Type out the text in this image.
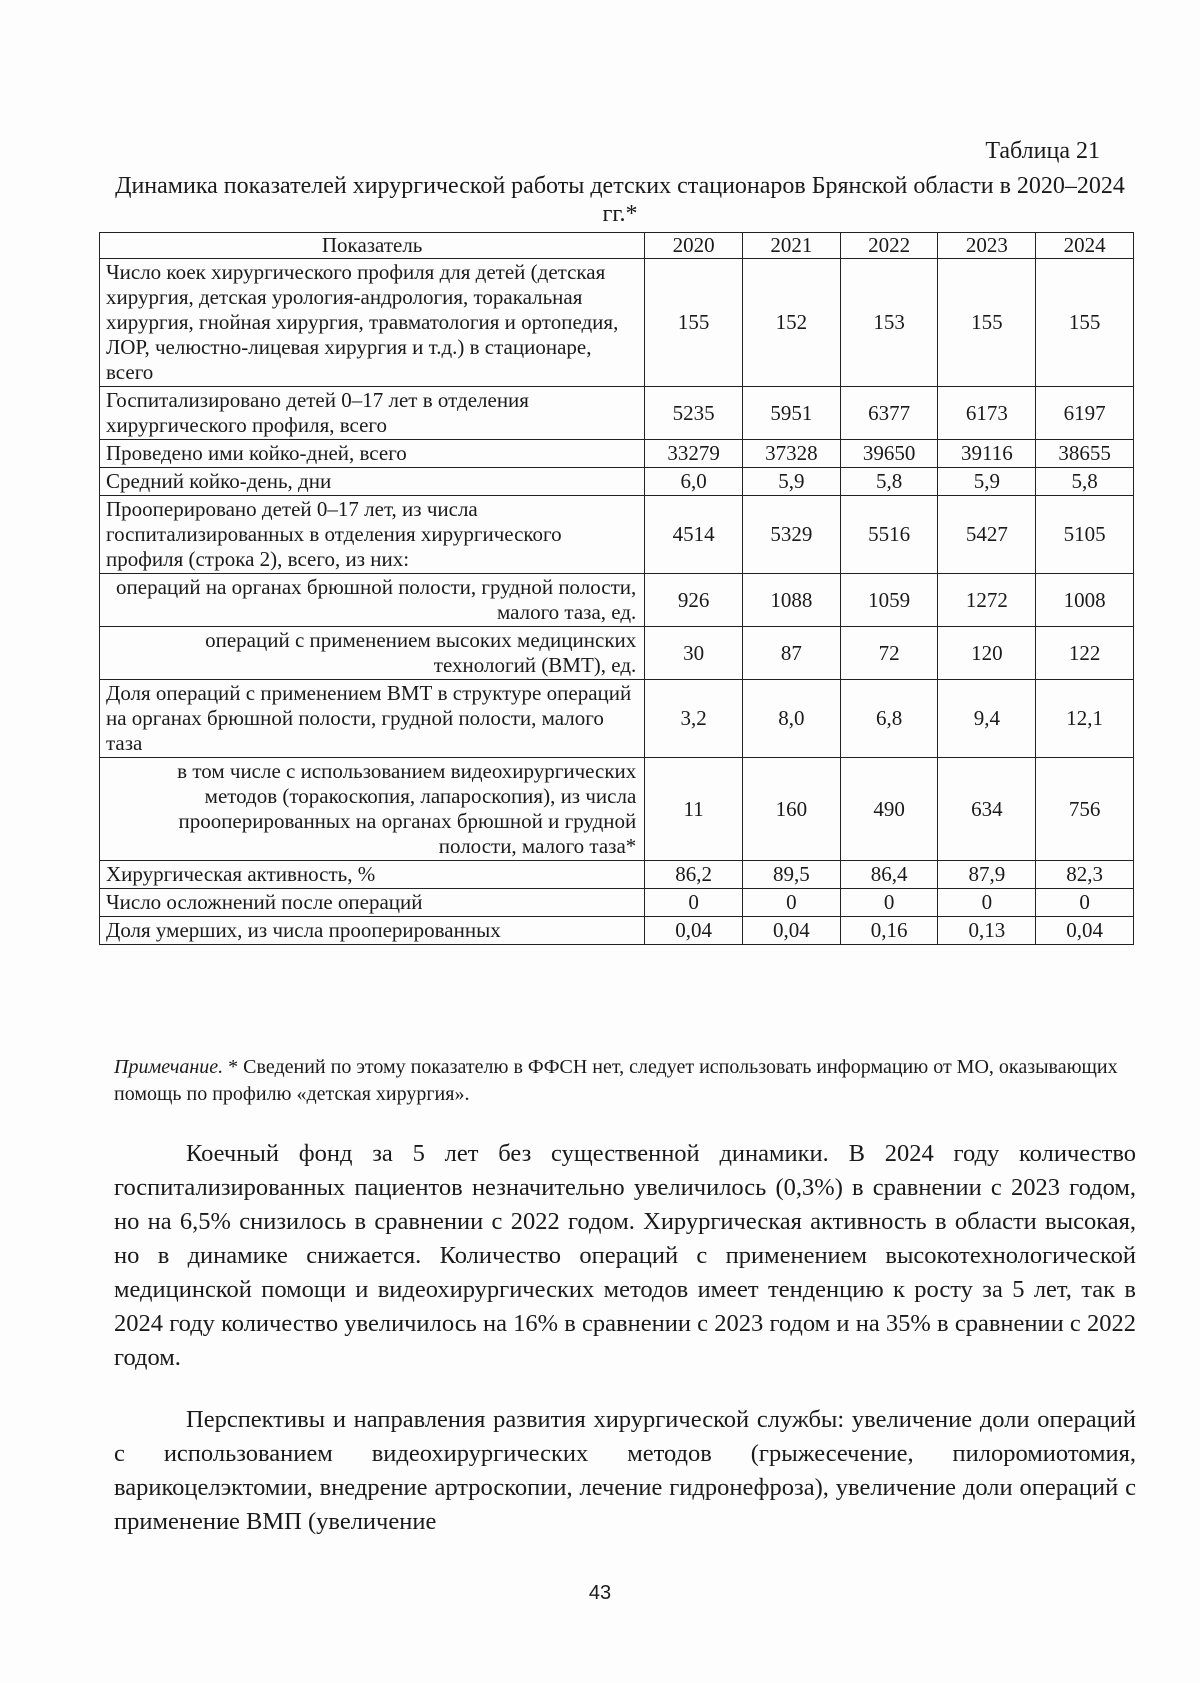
Таблица 21
Динамика показателей хирургической работы детских стационаров Брянской области в 2020–2024 гг.*
Показатель	2020	2021	2022	2023	2024
Число коек хирургического профиля для детей (детская хирургия, детская урология-андрология, торакальная хирургия, гнойная хирургия, травматология и ортопедия, ЛОР, челюстно-лицевая хирургия и т.д.) в стационаре, всего	155	152	153	155	155
Госпитализировано детей 0–17 лет в отделения хирургического профиля, всего	5235	5951	6377	6173	6197
Проведено ими койко-дней, всего	33279	37328	39650	39116	38655
Средний койко-день, дни	6,0	5,9	5,8	5,9	5,8
Прооперировано детей 0–17 лет, из числа госпитализированных в отделения хирургического профиля (строка 2), всего, из них:	4514	5329	5516	5427	5105
операций на органах брюшной полости, грудной полости, малого таза, ед.	926	1088	1059	1272	1008
операций с применением высоких медицинских технологий (ВМТ), ед.	30	87	72	120	122
Доля операций с применением ВМТ в структуре операций на органах брюшной полости, грудной полости, малого таза	3,2	8,0	6,8	9,4	12,1
в том числе с использованием видеохирургических методов (торакоскопия, лапароскопия), из числа прооперированных на органах брюшной и грудной полости, малого таза*	11	160	490	634	756
Хирургическая активность, %	86,2	89,5	86,4	87,9	82,3
Число осложнений после операций	0	0	0	0	0
Доля умерших, из числа прооперированных	0,04	0,04	0,16	0,13	0,04
Примечание. * Сведений по этому показателю в ФФСН нет, следует использовать информацию от МО, оказывающих помощь по профилю «детская хирургия».

Коечный фонд за 5 лет без существенной динамики. В 2024 году количество госпитализированных пациентов незначительно увеличилось (0,3%) в сравнении с 2023 годом, но на 6,5% снизилось в сравнении с 2022 годом. Хирургическая активность в области высокая, но в динамике снижается. Количество операций с применением высокотехнологической медицинской помощи и видеохирургических методов имеет тенденцию к росту за 5 лет, так в 2024 году количество увеличилось на 16% в сравнении с 2023 годом и на 35% в сравнении с 2022 годом.

Перспективы и направления развития хирургической службы: увеличение доли операций с использованием видеохирургических методов (грыжесечение, пилоромиотомия, варикоцелэктомии, внедрение артроскопии, лечение гидронефроза), увеличение доли операций с применение ВМП (увеличение

43
